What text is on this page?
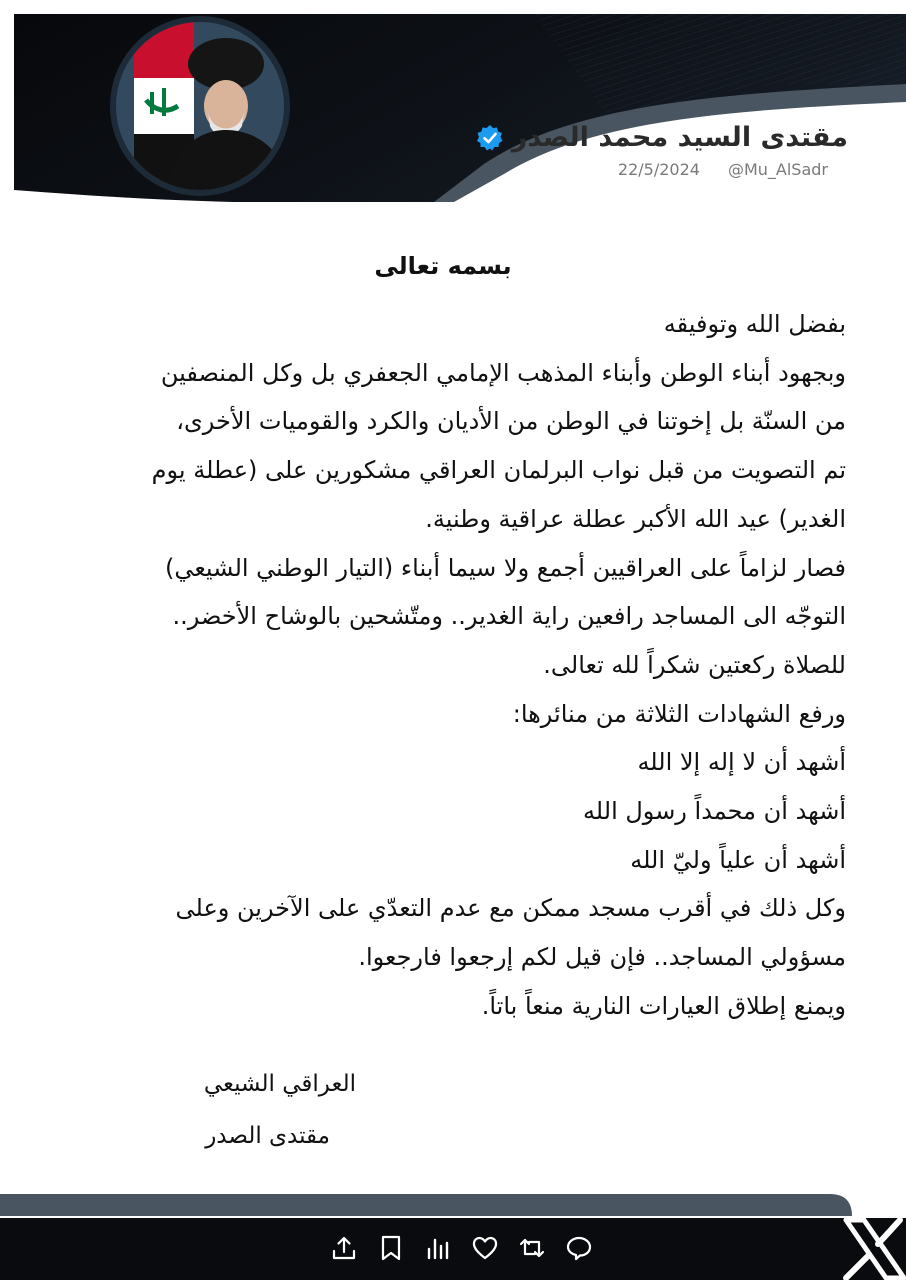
مقتدى السيد محمد الصدر
22/5/2024 @Mu_AlSadr
بسمه تعالى

بفضل الله وتوفيقه

وبجهود أبناء الوطن وأبناء المذهب الإمامي الجعفري بل وكل المنصفين

من السنّة بل إخوتنا في الوطن من الأديان والكرد والقوميات الأخرى،

تم التصويت من قبل نواب البرلمان العراقي مشكورين على (عطلة يوم

الغدير) عيد الله الأكبر عطلة عراقية وطنية.

فصار لزاماً على العراقيين أجمع ولا سيما أبناء (التيار الوطني الشيعي)

التوجّه الى المساجد رافعين راية الغدير.. ومتّشحين بالوشاح الأخضر..

للصلاة ركعتين شكراً لله تعالى.

ورفع الشهادات الثلاثة من منائرها:

أشهد أن لا إله إلا الله

أشهد أن محمداً رسول الله

أشهد أن علياً وليّ الله

وكل ذلك في أقرب مسجد ممكن مع عدم التعدّي على الآخرين وعلى

مسؤولي المساجد.. فإن قيل لكم إرجعوا فارجعوا.

ويمنع إطلاق العيارات النارية منعاً باتاً.

العراقي الشيعي
مقتدى الصدر
